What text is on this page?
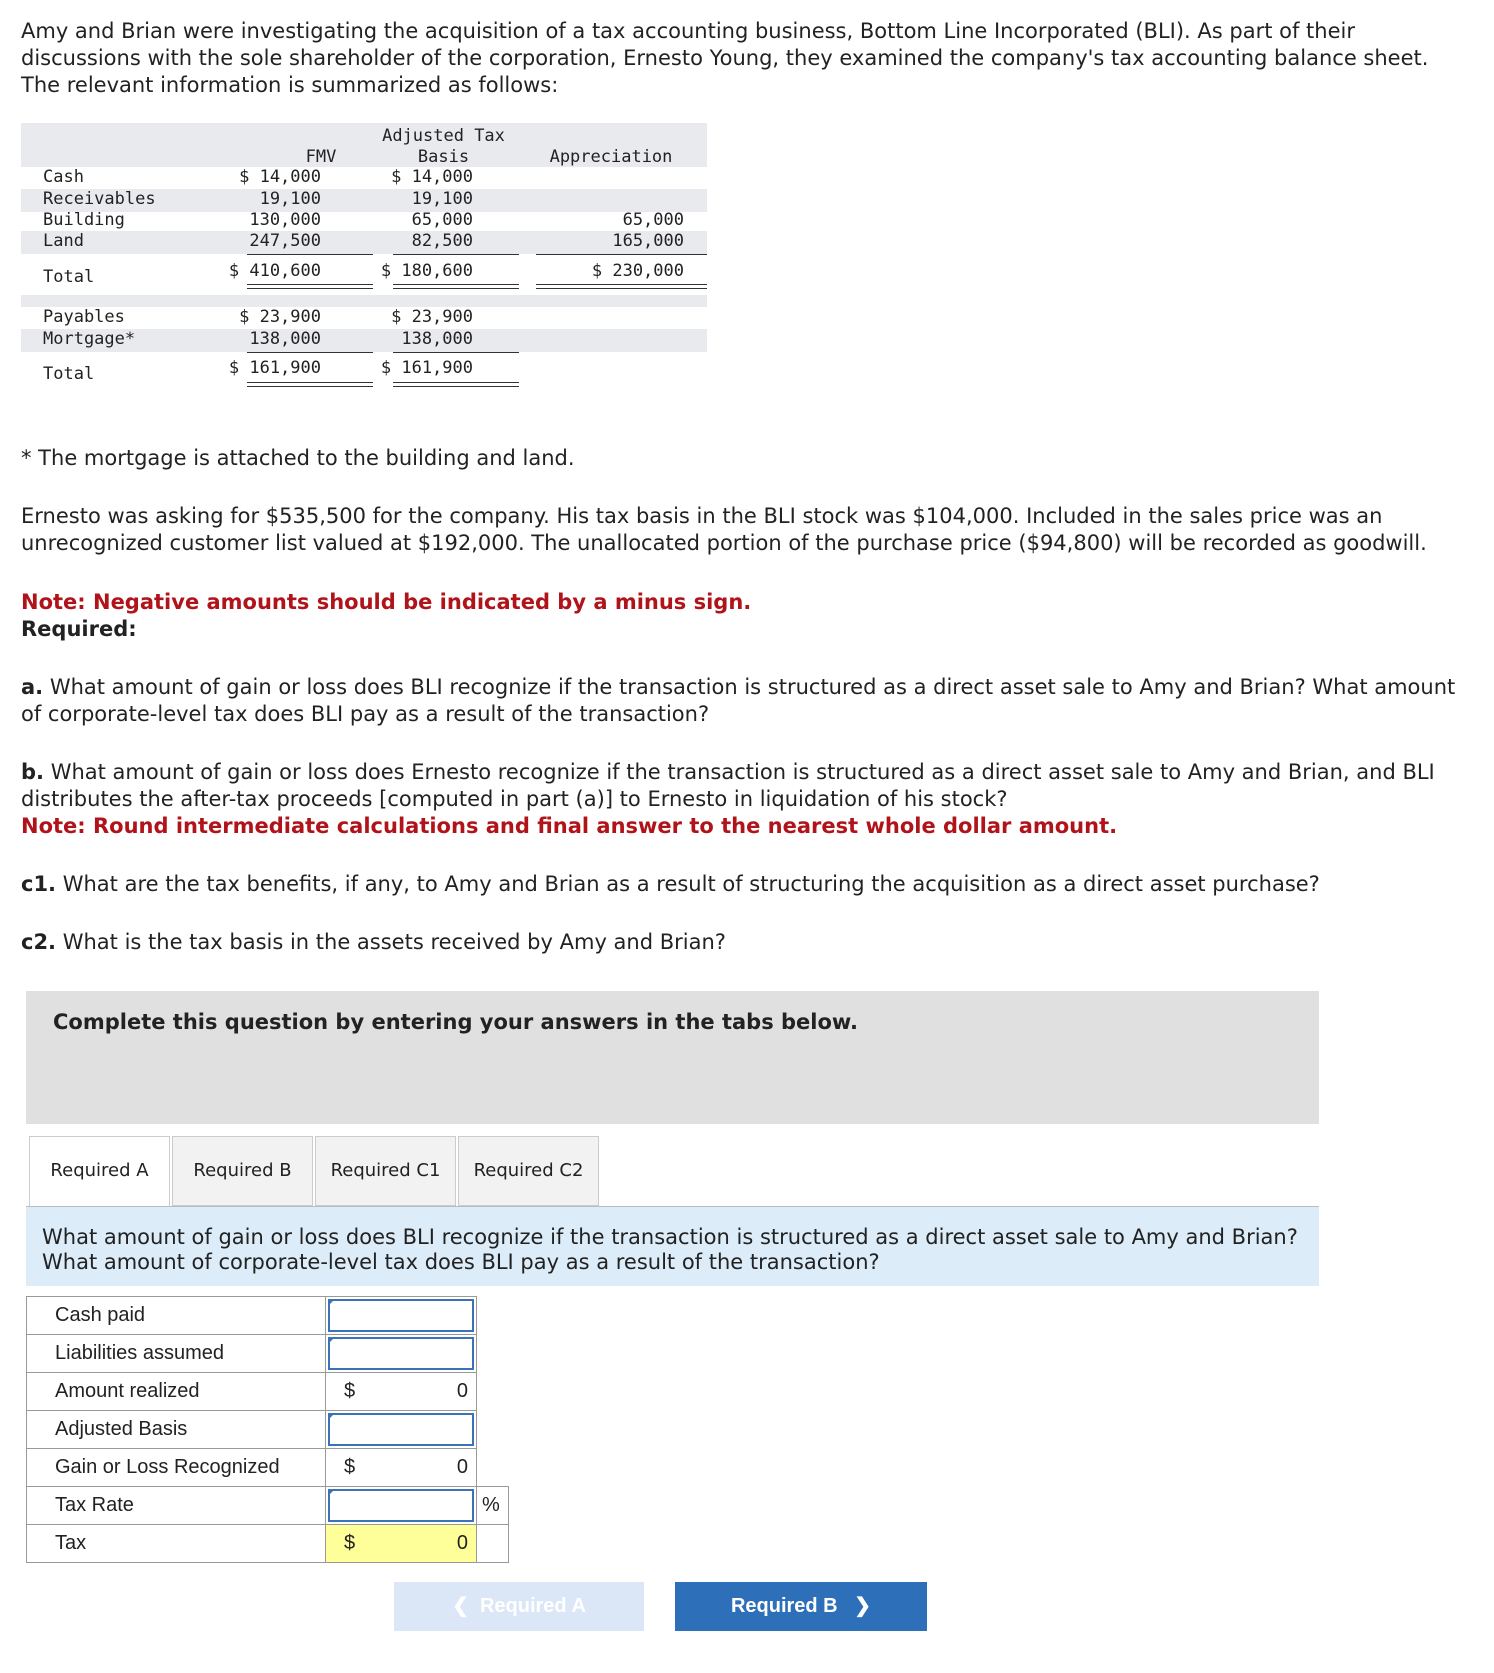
Amy and Brian were investigating the acquisition of a tax accounting business, Bottom Line Incorporated (BLI). As part of their discussions with the sole shareholder of the corporation, Ernesto Young, they examined the company's tax accounting balance sheet. The relevant information is summarized as follows:
FMV
Adjusted Tax
Basis	Appreciation
Cash	$ 14,000	$ 14,000
Receivables	19,100	19,100
Building	130,000	65,000	65,000
Land	247,500	82,500	165,000
Total	$ 410,600	$ 180,600	$ 230,000
Payables	$ 23,900	$ 23,900
Mortgage*	138,000	138,000
Total	$ 161,900	$ 161,900
* The mortgage is attached to the building and land.
Ernesto was asking for $535,500 for the company. His tax basis in the BLI stock was $104,000. Included in the sales price was an unrecognized customer list valued at $192,000. The unallocated portion of the purchase price ($94,800) will be recorded as goodwill.
Note: Negative amounts should be indicated by a minus sign.
Required:
a. What amount of gain or loss does BLI recognize if the transaction is structured as a direct asset sale to Amy and Brian? What amount of corporate-level tax does BLI pay as a result of the transaction?
b. What amount of gain or loss does Ernesto recognize if the transaction is structured as a direct asset sale to Amy and Brian, and BLI distributes the after-tax proceeds [computed in part (a)] to Ernesto in liquidation of his stock?
Note: Round intermediate calculations and final answer to the nearest whole dollar amount.
c1. What are the tax benefits, if any, to Amy and Brian as a result of structuring the acquisition as a direct asset purchase?
c2. What is the tax basis in the assets received by Amy and Brian?
Complete this question by entering your answers in the tabs below.
Required A	Required B	Required C1	Required C2
What amount of gain or loss does BLI recognize if the transaction is structured as a direct asset sale to Amy and Brian? What amount of corporate-level tax does BLI pay as a result of the transaction?
Cash paid	

Liabilities assumed	

Amount realized	$ 0	

Adjusted Basis	

Gain or Loss Recognized	$ 0	

Tax Rate		%
Tax	$ 0	

❮  Required A	Required B   ❯
